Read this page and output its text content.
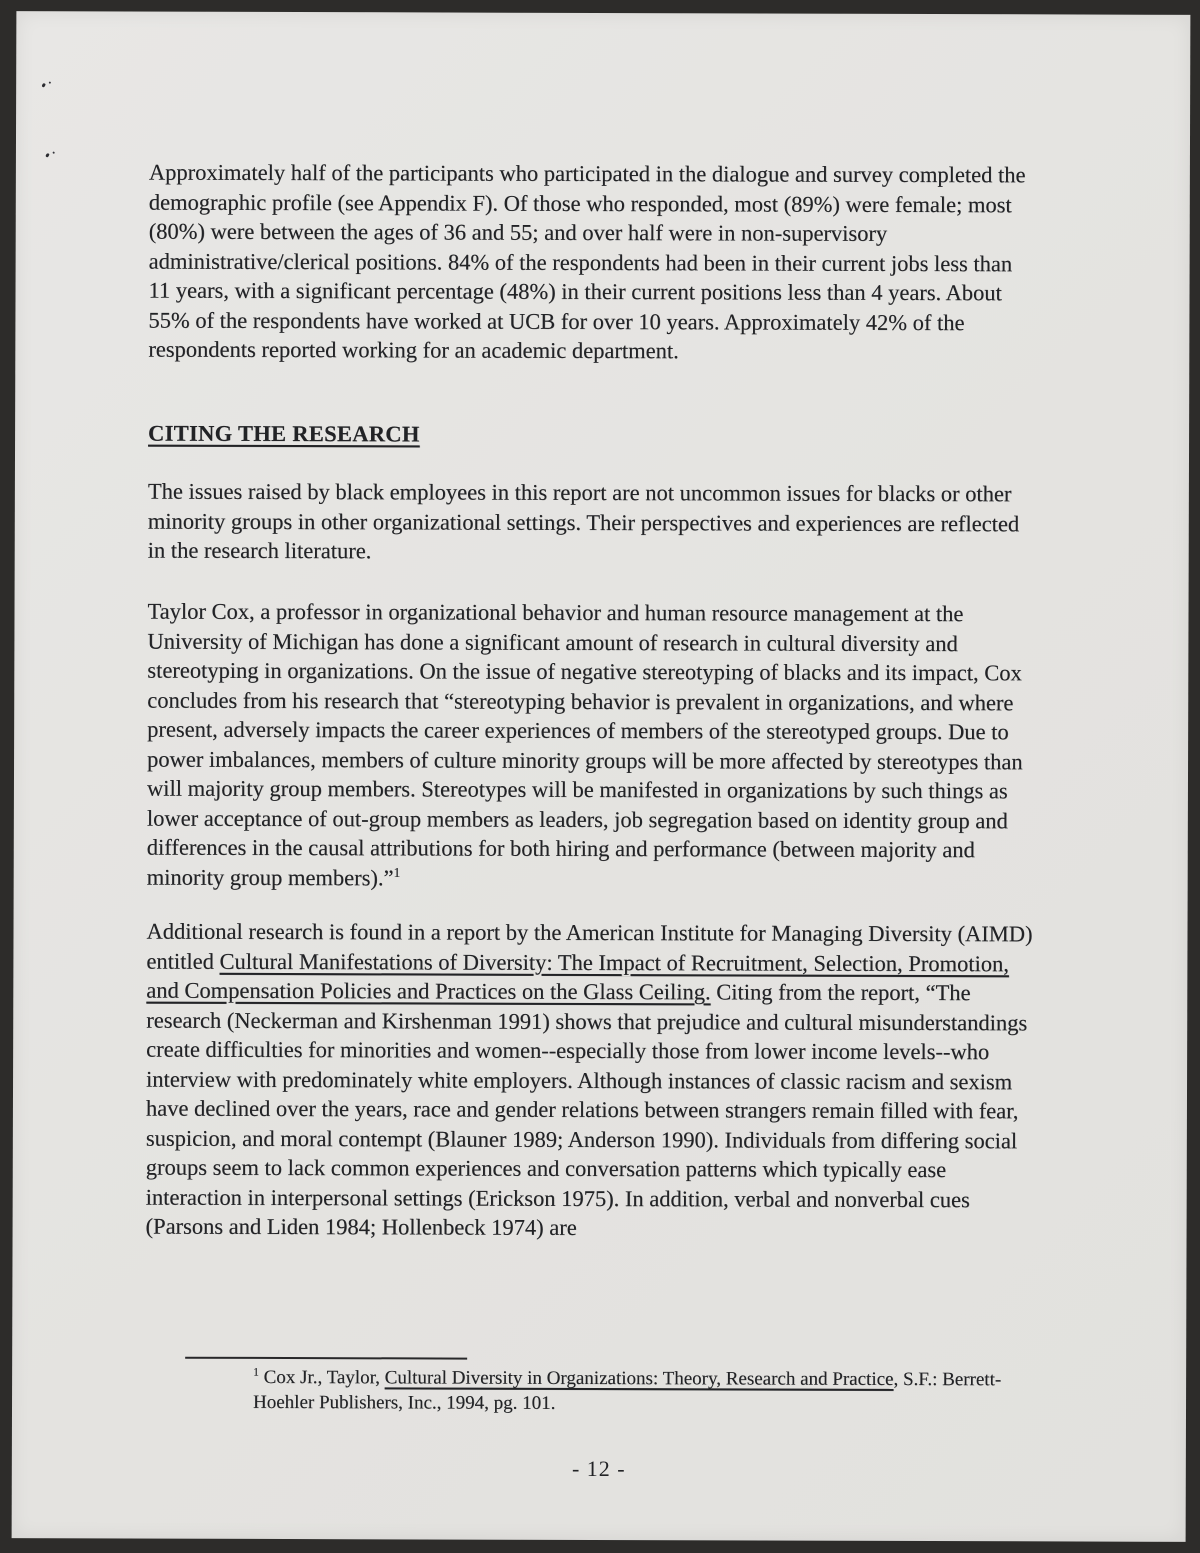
Approximately half of the participants who participated in the dialogue and survey completed the demographic profile (see Appendix F). Of those who responded, most (89%) were female; most (80%) were between the ages of 36 and 55; and over half were in non-supervisory administrative/clerical positions. 84% of the respondents had been in their current jobs less than 11 years, with a significant percentage (48%) in their current positions less than 4 years. About 55% of the respondents have worked at UCB for over 10 years. Approximately 42% of the respondents reported working for an academic department.

CITING THE RESEARCH

The issues raised by black employees in this report are not uncommon issues for blacks or other minority groups in other organizational settings. Their perspectives and experiences are reflected in the research literature.

Taylor Cox, a professor in organizational behavior and human resource management at the University of Michigan has done a significant amount of research in cultural diversity and stereotyping in organizations. On the issue of negative stereotyping of blacks and its impact, Cox concludes from his research that “stereotyping behavior is prevalent in organizations, and where present, adversely impacts the career experiences of members of the stereotyped groups. Due to power imbalances, members of culture minority groups will be more affected by stereotypes than will majority group members. Stereotypes will be manifested in organizations by such things as lower acceptance of out-group members as leaders, job segregation based on identity group and differences in the causal attributions for both hiring and performance (between majority and minority group members).”$^1$

Additional research is found in a report by the American Institute for Managing Diversity (AIMD) entitled Cultural Manifestations of Diversity: The Impact of Recruitment, Selection, Promotion, and Compensation Policies and Practices on the Glass Ceiling. Citing from the report, “The research (Neckerman and Kirshenman 1991) shows that prejudice and cultural misunderstandings create difficulties for minorities and women--especially those from lower income levels--who interview with predominately white employers. Although instances of classic racism and sexism have declined over the years, race and gender relations between strangers remain filled with fear, suspicion, and moral contempt (Blauner 1989; Anderson 1990). Individuals from differing social groups seem to lack common experiences and conversation patterns which typically ease interaction in interpersonal settings (Erickson 1975). In addition, verbal and nonverbal cues (Parsons and Liden 1984; Hollenbeck 1974) are

$^1$ Cox Jr., Taylor, Cultural Diversity in Organizations: Theory, Research and Practice, S.F.: Berrett-Hoehler Publishers, Inc., 1994, pg. 101.

- 12 -
